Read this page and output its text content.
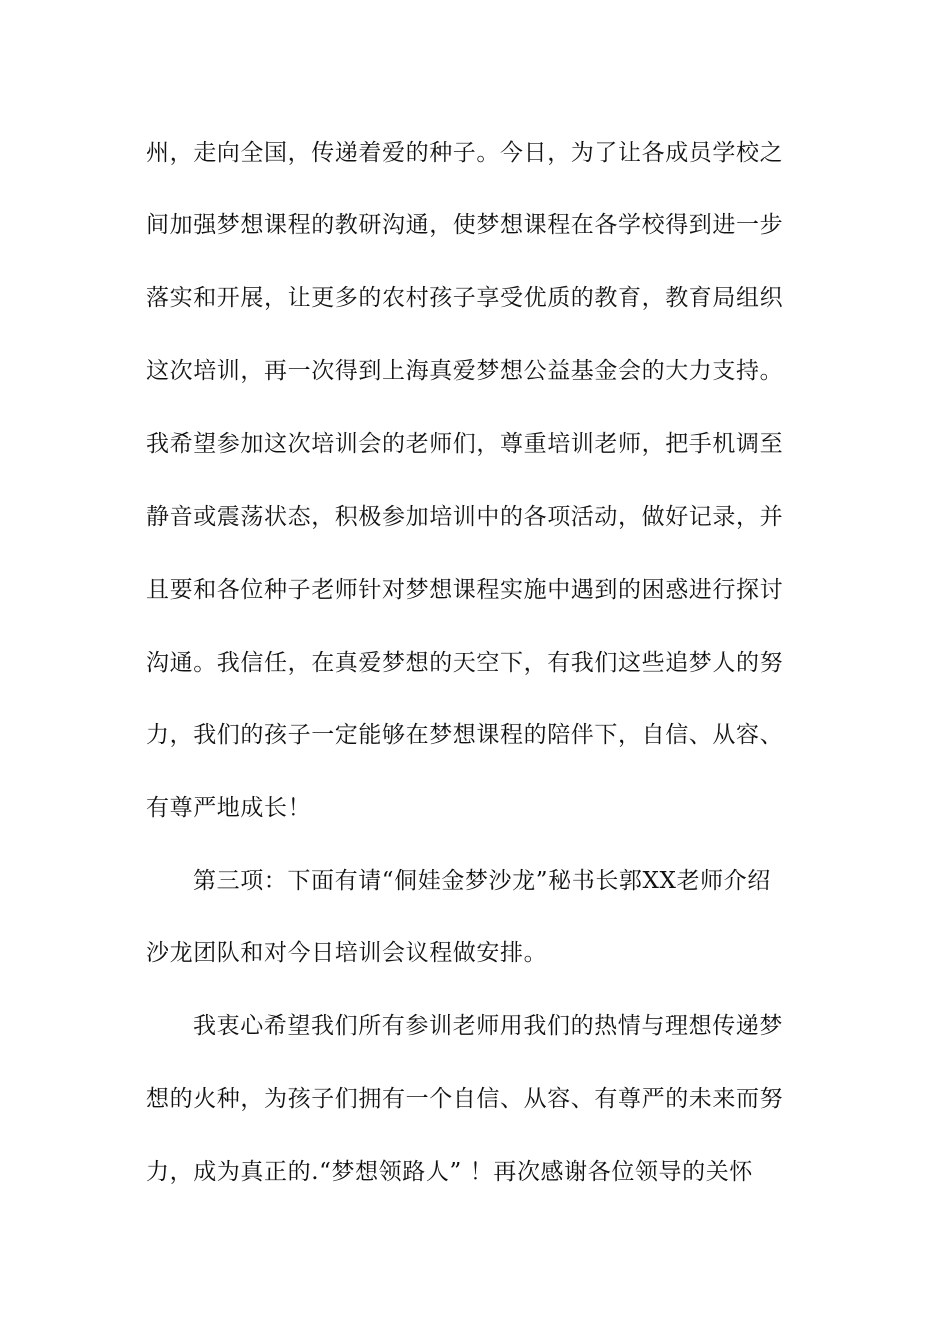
州，走向全国，传递着爱的种子。今日，为了让各成员学校之
间加强梦想课程的教研沟通，使梦想课程在各学校得到进一步
落实和开展，让更多的农村孩子享受优质的教育，教育局组织
这次培训，再一次得到上海真爱梦想公益基金会的大力支持。
我希望参加这次培训会的老师们，尊重培训老师，把手机调至
静音或震荡状态，积极参加培训中的各项活动，做好记录，并
且要和各位种子老师针对梦想课程实施中遇到的困惑进行探讨
沟通。我信任，在真爱梦想的天空下，有我们这些追梦人的努
力，我们的孩子一定能够在梦想课程的陪伴下，自信、从容、
有尊严地成长！
第三项：下面有请“侗娃金梦沙龙”秘书长郭XX老师介绍
沙龙团队和对今日培训会议程做安排。
我衷心希望我们所有参训老师用我们的热情与理想传递梦
想的火种，为孩子们拥有一个自信、从容、有尊严的未来而努
力，成为真正的.“梦想领路人” ！再次感谢各位领导的关怀
